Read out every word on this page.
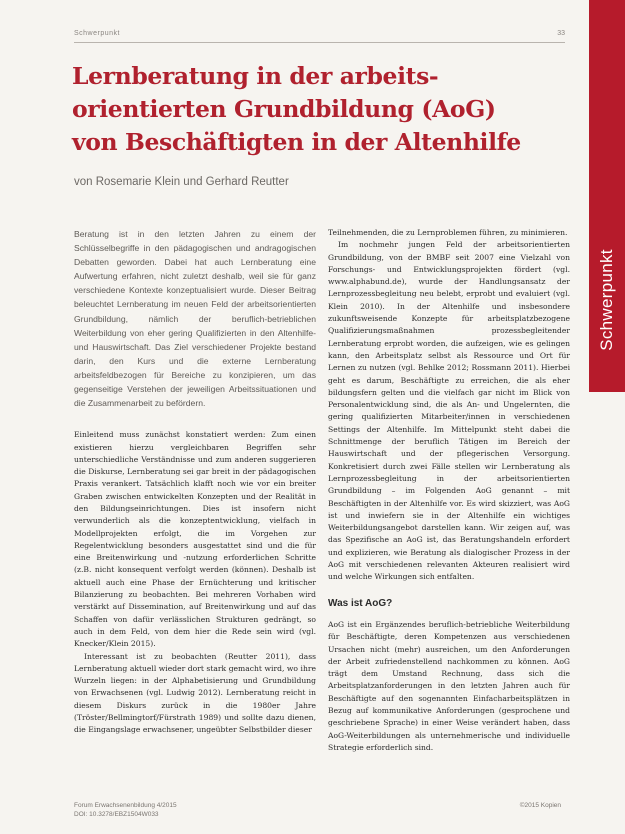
Schwerpunkt	33
Schwerpunkt
Lernberatung in der arbeits-orientierten Grundbildung (AoG) von Beschäftigten in der Altenhilfe
von Rosemarie Klein und Gerhard Reutter

Beratung ist in den letzten Jahren zu einem der Schlüsselbegriffe in den pädagogischen und andragogischen Debatten geworden. Dabei hat auch Lernberatung eine Aufwertung erfahren, nicht zuletzt deshalb, weil sie für ganz verschiedene Kontexte konzeptualisiert wurde. Dieser Beitrag beleuchtet Lernberatung im neuen Feld der arbeitsorientierten Grundbildung, nämlich der beruflich-betrieblichen Weiterbildung von eher gering Qualifizierten in den Altenhilfe- und Hauswirtschaft. Das Ziel verschiedener Projekte bestand darin, den Kurs und die externe Lernberatung arbeitsfeldbezogen für Bereiche zu konzipieren, um das gegenseitige Verstehen der jeweiligen Arbeitssituationen und die Zusammenarbeit zu befördern.

Einleitend muss zunächst konstatiert werden: Zum einen existieren hierzu vergleichbaren Begriffen sehr unterschiedliche Verständnisse und zum anderen suggerieren die Diskurse, Lernberatung sei gar breit in der pädagogischen Praxis verankert. Tatsächlich klafft noch wie vor ein breiter Graben zwischen entwickelten Konzepten und der Realität in den Bildungseinrichtungen. Dies ist insofern nicht verwunderlich als die konzeptentwicklung, vielfach in Modellprojekten erfolgt, die im Vorgehen zur Regelentwicklung besonders ausgestattet sind und die für eine Breitenwirkung und -nutzung erforderlichen Schritte (z.B. nicht konsequent verfolgt werden (können). Deshalb ist aktuell auch eine Phase der Ernüchterung und kritischer Bilanzierung zu beobachten. Bei mehreren Vorhaben wird verstärkt auf Dissemination, auf Breitenwirkung und auf das Schaffen von dafür verlässlichen Strukturen gedrängt, so auch in dem Feld, von dem hier die Rede sein wird (vgl. Knecker/Klein 2015).

Interessant ist zu beobachten (Reutter 2011), dass Lernberatung aktuell wieder dort stark gemacht wird, wo ihre Wurzeln liegen: in der Alphabetisierung und Grundbildung von Erwachsenen (vgl. Ludwig 2012). Lernberatung reicht in diesem Diskurs zurück in die 1980er Jahre (Tröster/Bellmingtorf/Fürstrath 1989) und sollte dazu dienen, die Eingangslage erwachsener, ungeübter Selbstbilder dieser

Teilnehmenden, die zu Lernproblemen führen, zu minimieren.

Im nochmehr jungen Feld der arbeitsorientierten Grundbildung, von der BMBF seit 2007 eine Vielzahl von Forschungs- und Entwicklungsprojekten fördert (vgl. www.alphabund.de), wurde der Handlungsansatz der Lernprozessbegleitung neu belebt, erprobt und evaluiert (vgl. Klein 2010). In der Altenhilfe und insbesondere zukunftsweisende Konzepte für arbeitsplatzbezogene Qualifizierungsmaßnahmen prozessbegleitender Lernberatung erprobt worden, die aufzeigen, wie es gelingen kann, den Arbeitsplatz selbst als Ressource und Ort für Lernen zu nutzen (vgl. Behlke 2012; Rossmann 2011). Hierbei geht es darum, Beschäftigte zu erreichen, die als eher bildungsfern gelten und die vielfach gar nicht im Blick von Personalentwicklung sind, die als An- und Ungelernten, die gering qualifizierten Mitarbeiter/innen in verschiedenen Settings der Altenhilfe. Im Mittelpunkt steht dabei die Schnittmenge der beruflich Tätigen im Bereich der Hauswirtschaft und der pflegerischen Versorgung. Konkretisiert durch zwei Fälle stellen wir Lernberatung als Lernprozessbegleitung in der arbeitsorientierten Grundbildung – im Folgenden AoG genannt – mit Beschäftigten in der Altenhilfe vor. Es wird skizziert, was AoG ist und inwiefern sie in der Altenhilfe ein wichtiges Weiterbildungsangebot darstellen kann. Wir zeigen auf, was das Spezifische an AoG ist, das Beratungshandeln erfordert und explizieren, wie Beratung als dialogischer Prozess in der AoG mit verschiedenen relevanten Akteuren realisiert wird und welche Wirkungen sich entfalten.

Was ist AoG?

AoG ist ein Ergänzendes beruflich-betriebliche Weiterbildung für Beschäftigte, deren Kompetenzen aus verschiedenen Ursachen nicht (mehr) ausreichen, um den Anforderungen der Arbeit zufriedenstellend nachkommen zu können. AoG trägt dem Umstand Rechnung, dass sich die Arbeitsplatzanforderungen in den letzten Jahren auch für Beschäftigte auf den sogenannten Einfacharbeitsplätzen in Bezug auf kommunikative Anforderungen (gesprochene und geschriebene Sprache) in einer Weise verändert haben, dass AoG-Weiterbildungen als unternehmerische und individuelle Strategie erforderlich sind.

Forum Erwachsenenbildung 4/2015
DOI: 10.3278/EBZ1504W033
©2015 Kopien
